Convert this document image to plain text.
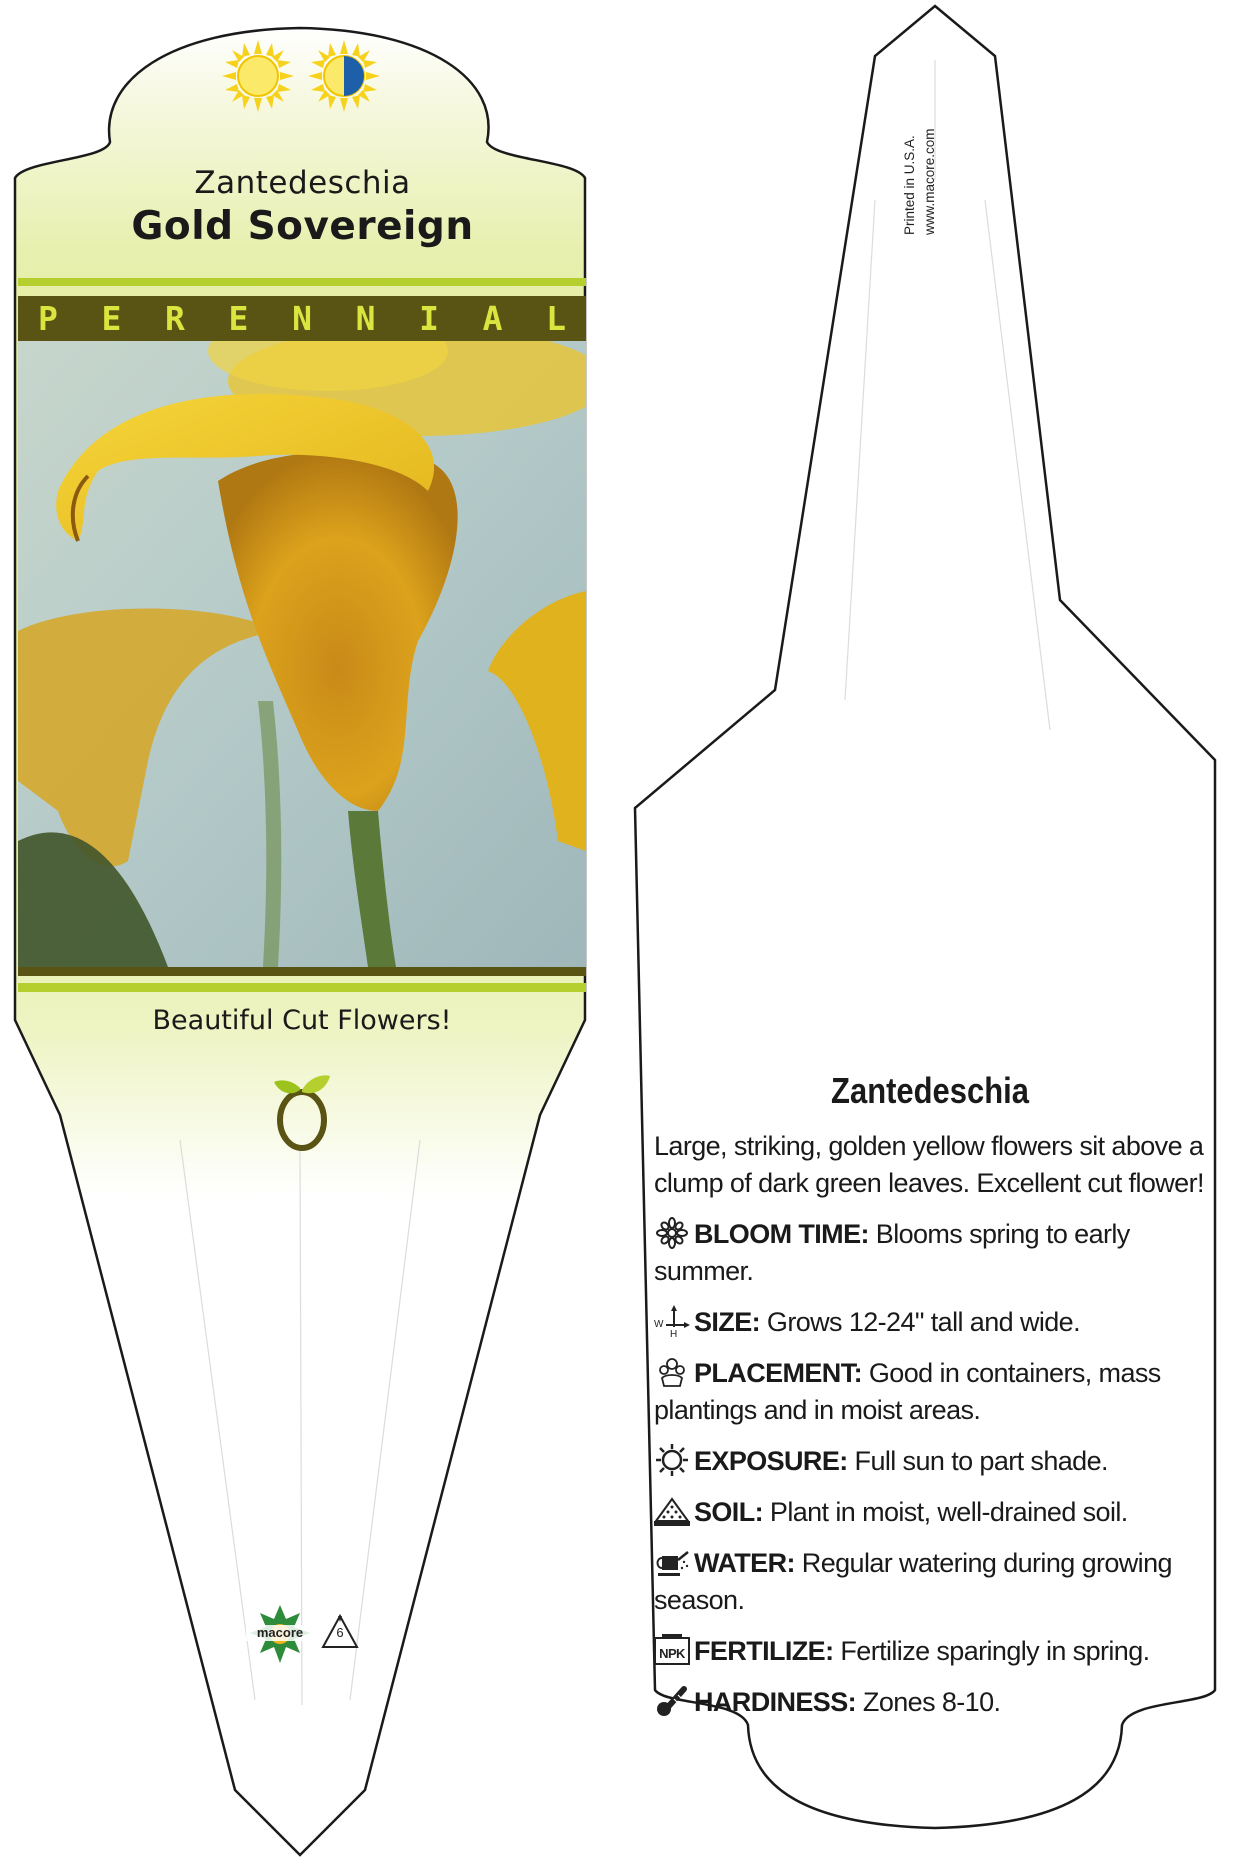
Zantedeschia
Gold Sovereign
P E R E N N I A L
Beautiful Cut Flowers!
macore	6
Printed in U.S.A. www.macore.com
Zantedeschia

Large, striking, golden yellow flowers sit above a clump of dark green leaves. Excellent cut flower!

BLOOM TIME: Blooms spring to early summer.

W
H SIZE: Grows 12-24" tall and wide.

PLACEMENT: Good in containers, mass plantings and in moist areas.

EXPOSURE: Full sun to part shade.

SOIL: Plant in moist, well-drained soil.

WATER: Regular watering during growing season.

NPK FERTILIZE: Fertilize sparingly in spring.

HARDINESS: Zones 8-10.
